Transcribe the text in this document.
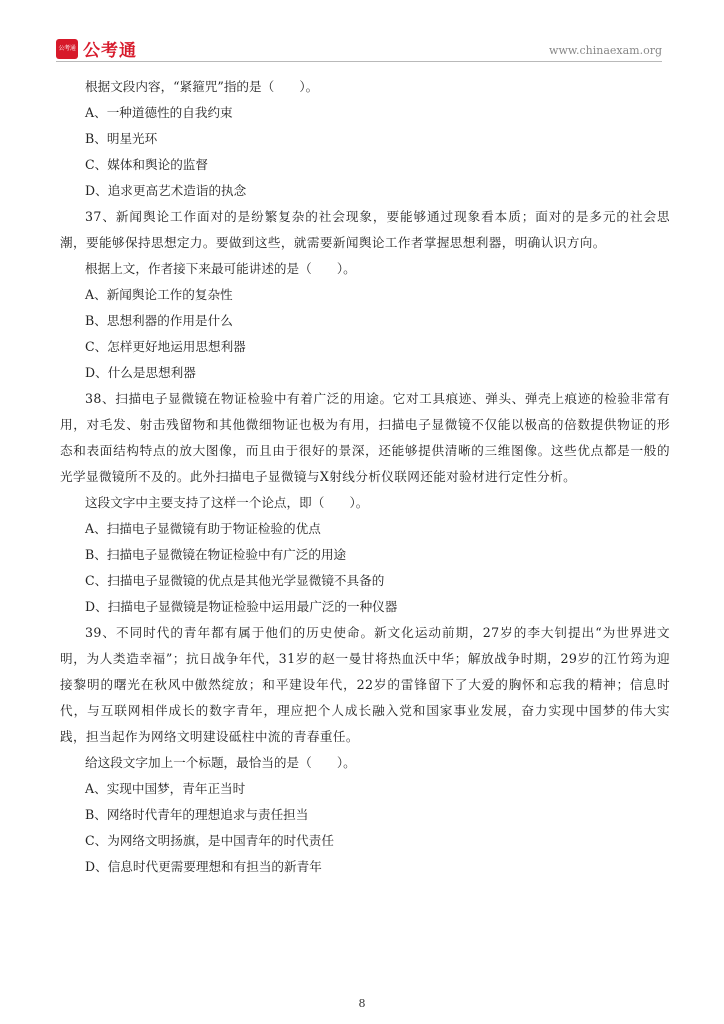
公考通 公考通	www.chinaexam.org
根据文段内容，“紧箍咒”指的是（　　）。
A、一种道德性的自我约束
B、明星光环
C、媒体和舆论的监督
D、追求更高艺术造诣的执念
37、新闻舆论工作面对的是纷繁复杂的社会现象，要能够通过现象看本质；面对的是多元的社会思潮，要能够保持思想定力。要做到这些，就需要新闻舆论工作者掌握思想利器，明确认识方向。
根据上文，作者接下来最可能讲述的是（　　）。
A、新闻舆论工作的复杂性
B、思想利器的作用是什么
C、怎样更好地运用思想利器
D、什么是思想利器
38、扫描电子显微镜在物证检验中有着广泛的用途。它对工具痕迹、弹头、弹壳上痕迹的检验非常有用，对毛发、射击残留物和其他微细物证也极为有用，扫描电子显微镜不仅能以极高的倍数提供物证的形态和表面结构特点的放大图像，而且由于很好的景深，还能够提供清晰的三维图像。这些优点都是一般的光学显微镜所不及的。此外扫描电子显微镜与X射线分析仪联网还能对验材进行定性分析。
这段文字中主要支持了这样一个论点，即（　　）。
A、扫描电子显微镜有助于物证检验的优点
B、扫描电子显微镜在物证检验中有广泛的用途
C、扫描电子显微镜的优点是其他光学显微镜不具备的
D、扫描电子显微镜是物证检验中运用最广泛的一种仪器
39、不同时代的青年都有属于他们的历史使命。新文化运动前期，27岁的李大钊提出“为世界进文明，为人类造幸福”；抗日战争年代，31岁的赵一曼甘将热血沃中华；解放战争时期，29岁的江竹筠为迎接黎明的曙光在秋风中傲然绽放；和平建设年代，22岁的雷锋留下了大爱的胸怀和忘我的精神；信息时代，与互联网相伴成长的数字青年，理应把个人成长融入党和国家事业发展，奋力实现中国梦的伟大实践，担当起作为网络文明建设砥柱中流的青春重任。
给这段文字加上一个标题，最恰当的是（　　）。
A、实现中国梦，青年正当时
B、网络时代青年的理想追求与责任担当
C、为网络文明扬旗，是中国青年的时代责任
D、信息时代更需要理想和有担当的新青年
8
